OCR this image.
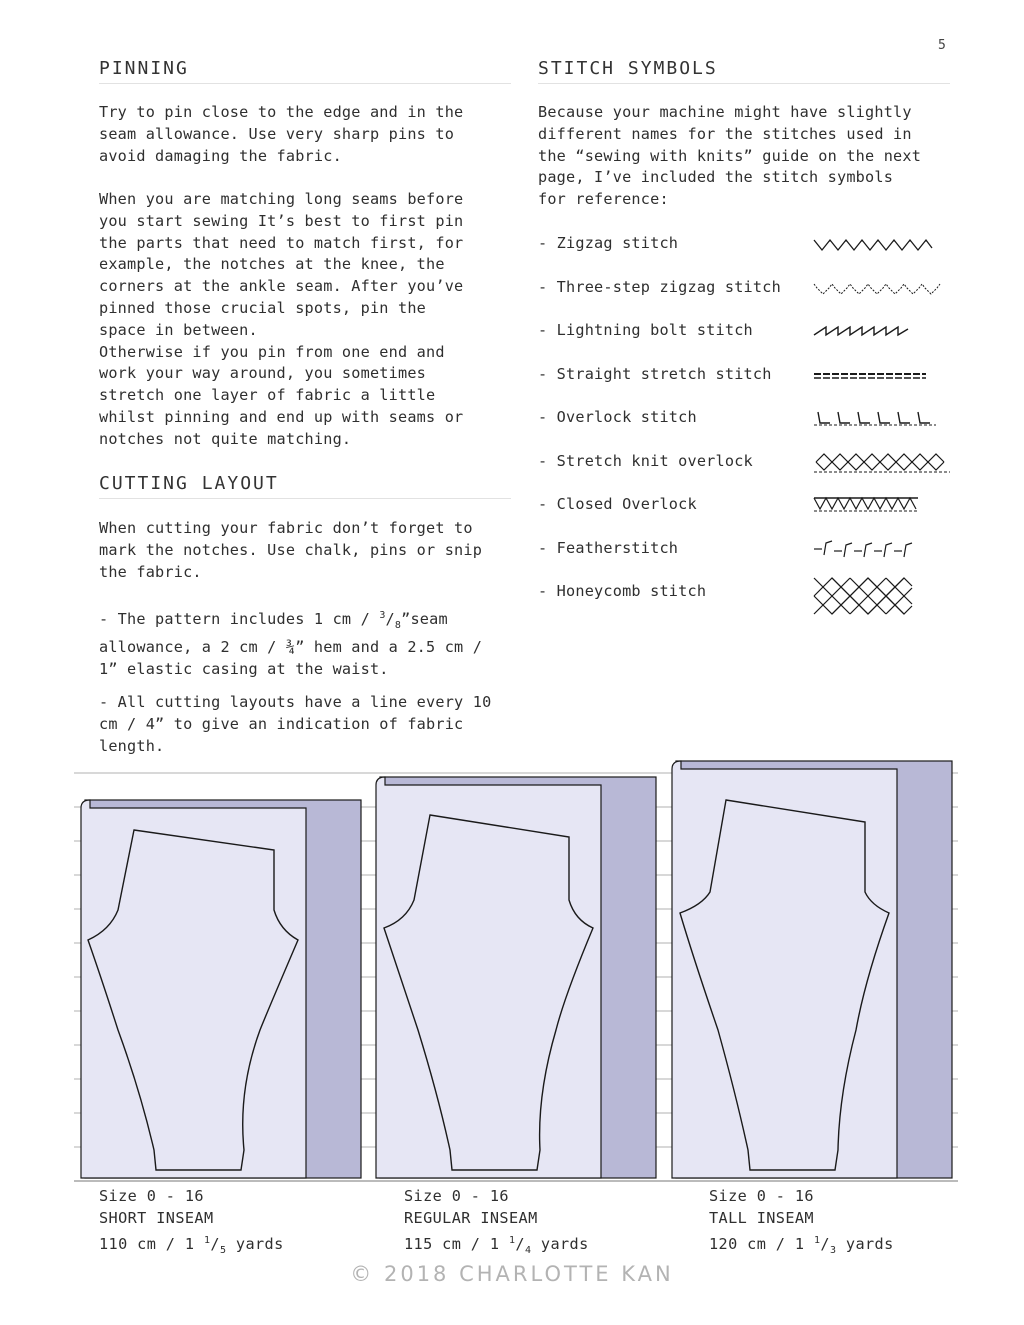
5
PINNING

Try to pin close to the edge and in the
seam allowance. Use very sharp pins to
avoid damaging the fabric.

When you are matching long seams before
you start sewing It’s best to first pin
the parts that need to match first, for
example, the notches at the knee, the
corners at the ankle seam. After you’ve
pinned those crucial spots, pin the
space in between.
Otherwise if you pin from one end and
work your way around, you sometimes
stretch one layer of fabric a little
whilst pinning and end up with seams or
notches not quite matching.

CUTTING LAYOUT

When cutting your fabric don’t forget to
mark the notches. Use chalk, pins or snip
the fabric.

- The pattern includes 1 cm / $^3/_8”seam$
allowance, a 2 cm / ¾” hem and a 2.5 cm /
1” elastic casing at the waist.

- All cutting layouts have a line every 10
cm / 4” to give an indication of fabric
length.

STITCH SYMBOLS

Because your machine might have slightly
different names for the stitches used in
the “sewing with knits” guide on the next
page, I’ve included the stitch symbols
for reference:

- Zigzag stitch
- Three-step zigzag stitch
- Lightning bolt stitch
- Straight stretch stitch
- Overlock stitch
- Stretch knit overlock
- Closed Overlock
- Featherstitch
- Honeycomb stitch
Size 0 - 16
SHORT INSEAM
110 cm / 1 $^1/_5$ yards
Size 0 - 16
REGULAR INSEAM
115 cm / 1 $^1/_4$ yards
Size 0 - 16
TALL INSEAM
120 cm / 1 $^1/_3$ yards
© 2018 CHARLOTTE KAN
